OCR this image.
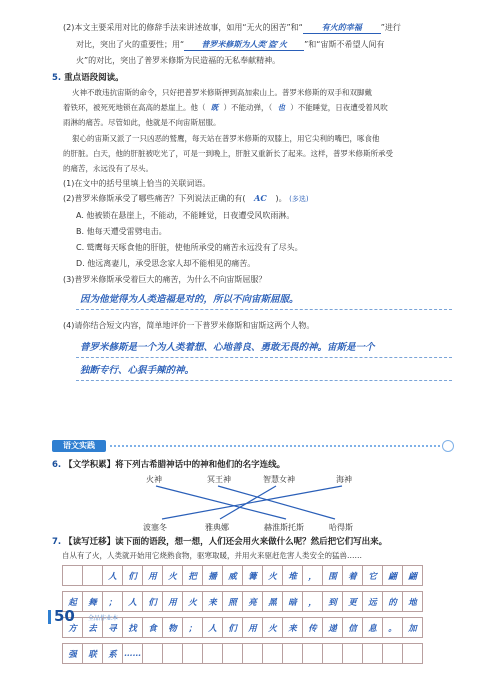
(2)本文主要采用对比的修辞手法来讲述故事，如用“无火的困苦”和“ 有火的幸福 ”进行
对比，突出了火的重要性；用“ 普罗米修斯为人类‘盗’火 ”和“宙斯不希望人间有
火”的对比，突出了普罗米修斯为民造福的无私奉献精神。
5. 重点语段阅读。
火神不敢违抗宙斯的命令，只好把普罗米修斯押到高加索山上。普罗米修斯的双手和双脚戴
着铁环，被死死地锁在高高的悬崖上。他（ 既 ）不能动弹，（ 也 ）不能睡觉，日夜遭受着风吹
雨淋的痛苦。尽管如此，他就是不向宙斯屈服。
狠心的宙斯又派了一只凶恶的鹫鹰，每天站在普罗米修斯的双膝上，用它尖利的嘴巴，啄食他
的肝脏。白天，他的肝脏被吃光了，可是一到晚上，肝脏又重新长了起来。这样，普罗米修斯所承受
的痛苦，永远没有了尽头。
(1)在文中的括号里填上恰当的关联词语。
(2)普罗米修斯承受了哪些痛苦？下列说法正确的有( AC )。 (多选)
A. 他被锁在悬崖上，不能动，不能睡觉，日夜遭受风吹雨淋。
B. 他每天遭受雷劈电击。
C. 鹫鹰每天啄食他的肝脏，使他所承受的痛苦永远没有了尽头。
D. 他远离妻儿，承受思念家人却不能相见的痛苦。
(3)普罗米修斯承受着巨大的痛苦，为什么不向宙斯屈服？
因为他觉得为人类造福是对的，所以不向宙斯屈服。
(4)请你结合短文内容，简单地评价一下普罗米修斯和宙斯这两个人物。
普罗米修斯是一个为人类着想、心地善良、勇敢无畏的神。宙斯是一个
独断专行、心狠手辣的神。
语文实践
6. 【文学积累】将下列古希腊神话中的神和他们的名字连线。
火神	冥王神	智慧女神	海神
波塞冬	雅典娜	赫淮斯托斯	哈得斯
7. 【读写迁移】读下面的语段，想一想，人们还会用火来做什么呢？然后把它们写出来。
自从有了火，人类就开始用它烧熟食物，驱寒取暖，并用火来驱赶危害人类安全的猛兽……
		人	们	用	火	把	播	威	篝	火	堆	，	围	着	它	翩	翩

起	舞	；	人	们	用	火	来	照	亮	黑	暗	，	到	更	远	的	地

方	去	寻	找	食	物	；	人	们	用	火	来	传	递	信	息	。	加

强	联	系	……														
50 全品作业本
